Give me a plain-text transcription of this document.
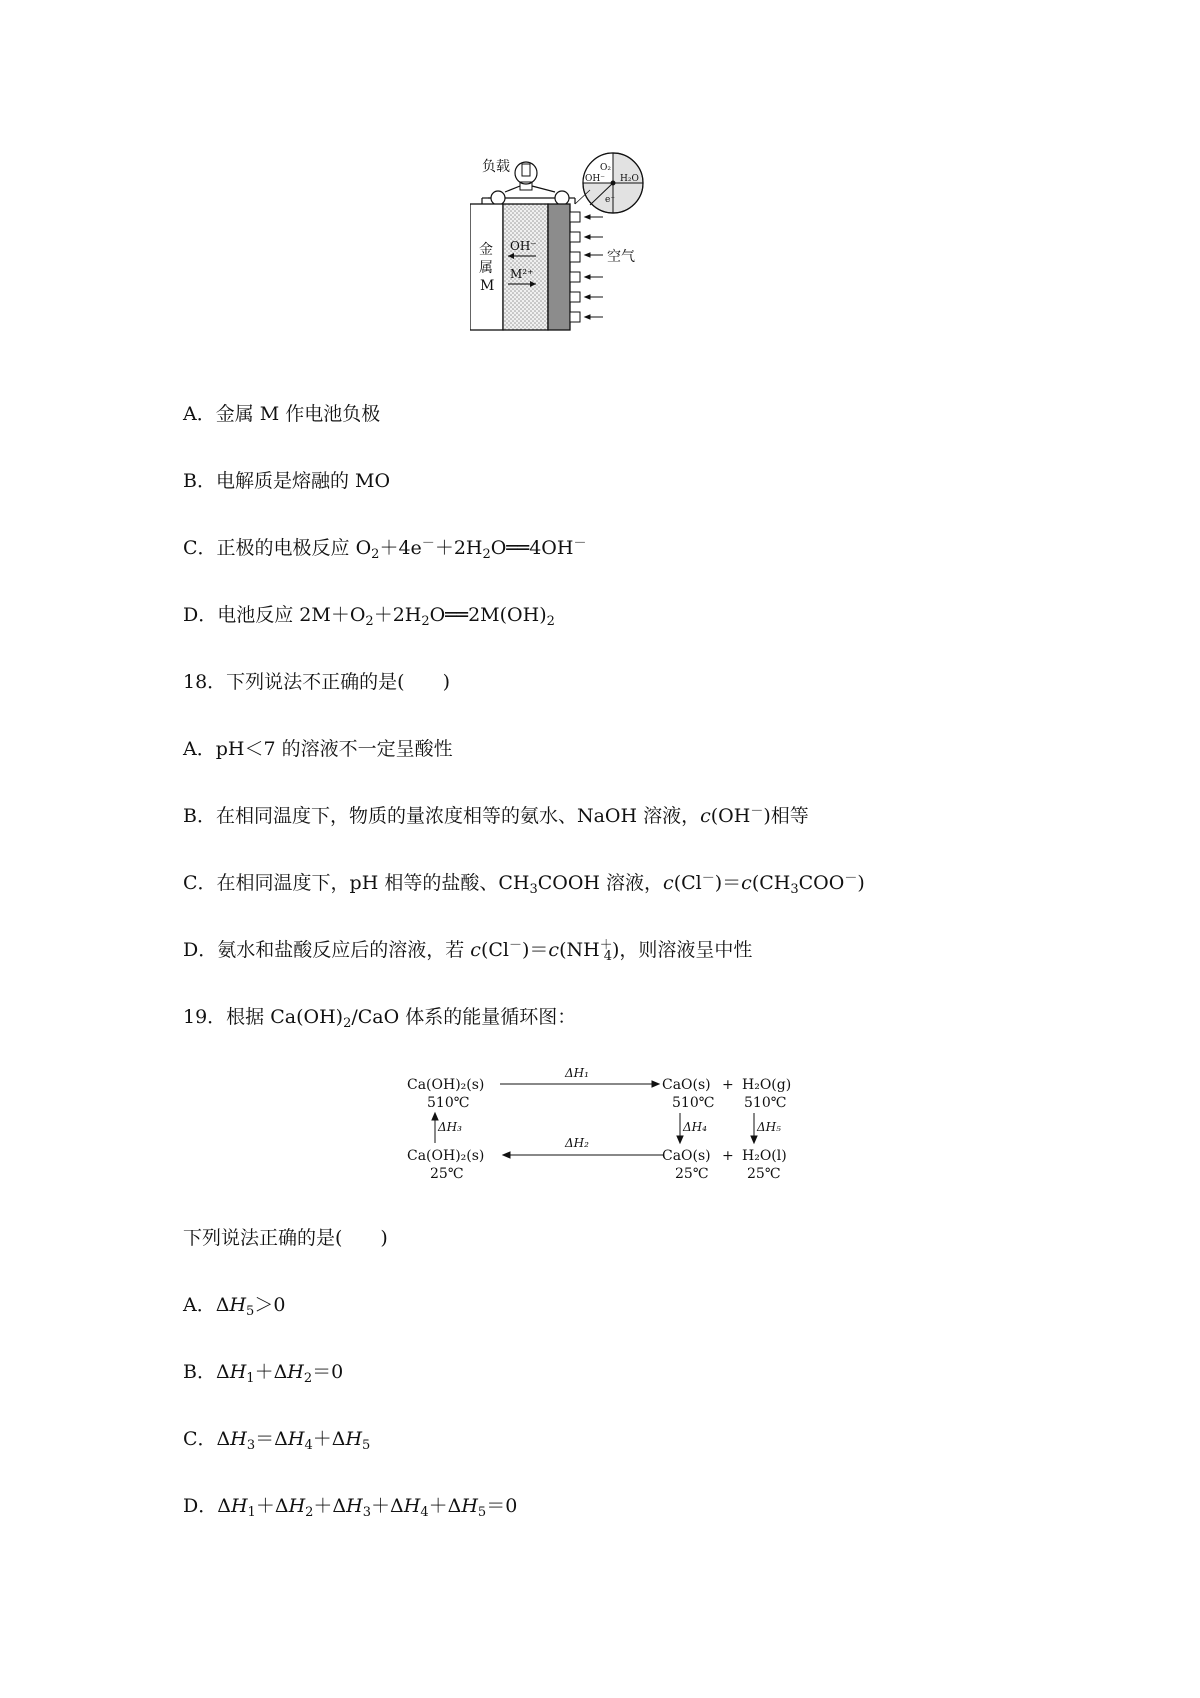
负载	O₂
OH⁻ H₂O
e⁻
金
属
M
OH⁻
M²⁺
空气
A．金属 M 作电池负极
B．电解质是熔融的 MO
C．正极的电极反应 $O_2+4e^-+2H_2O══4OH^-$
D．电池反应 $2M+O_2+2H_2O══2M(OH)_2$
18．下列说法不正确的是(　　)
A．pH＜7 的溶液不一定呈酸性
B．在相同温度下，物质的量浓度相等的氨水、NaOH 溶液，c(OH－)相等
C．在相同温度下，pH 相等的盐酸、$CH_3COOH$ 溶液，$c(Cl^-)=c(CH_3COO^-)$
D．氨水和盐酸反应后的溶液，若 $c(Cl^-)=c(NH^+_4)$，则溶液呈中性
19．根据 $Ca(OH)_2$/CaO 体系的能量循环图：
Ca(OH)₂(s)
510℃
CaO(s) + H₂O(g)
510℃ 510℃
Ca(OH)₂(s)
25℃
CaO(s) + H₂O(l)
25℃	25℃
ΔH₁
ΔH₂
ΔH₃	ΔH₄	ΔH₅
下列说法正确的是(　　)
A．$\Delta H_5>0$
B．$\Delta H_1+\Delta H_2=0$
C．$\Delta H_3=\Delta H_4+\Delta H_5$
D．$\Delta H_1+\Delta H_2+\Delta H_3+\Delta H_4+\Delta H_5=0$
